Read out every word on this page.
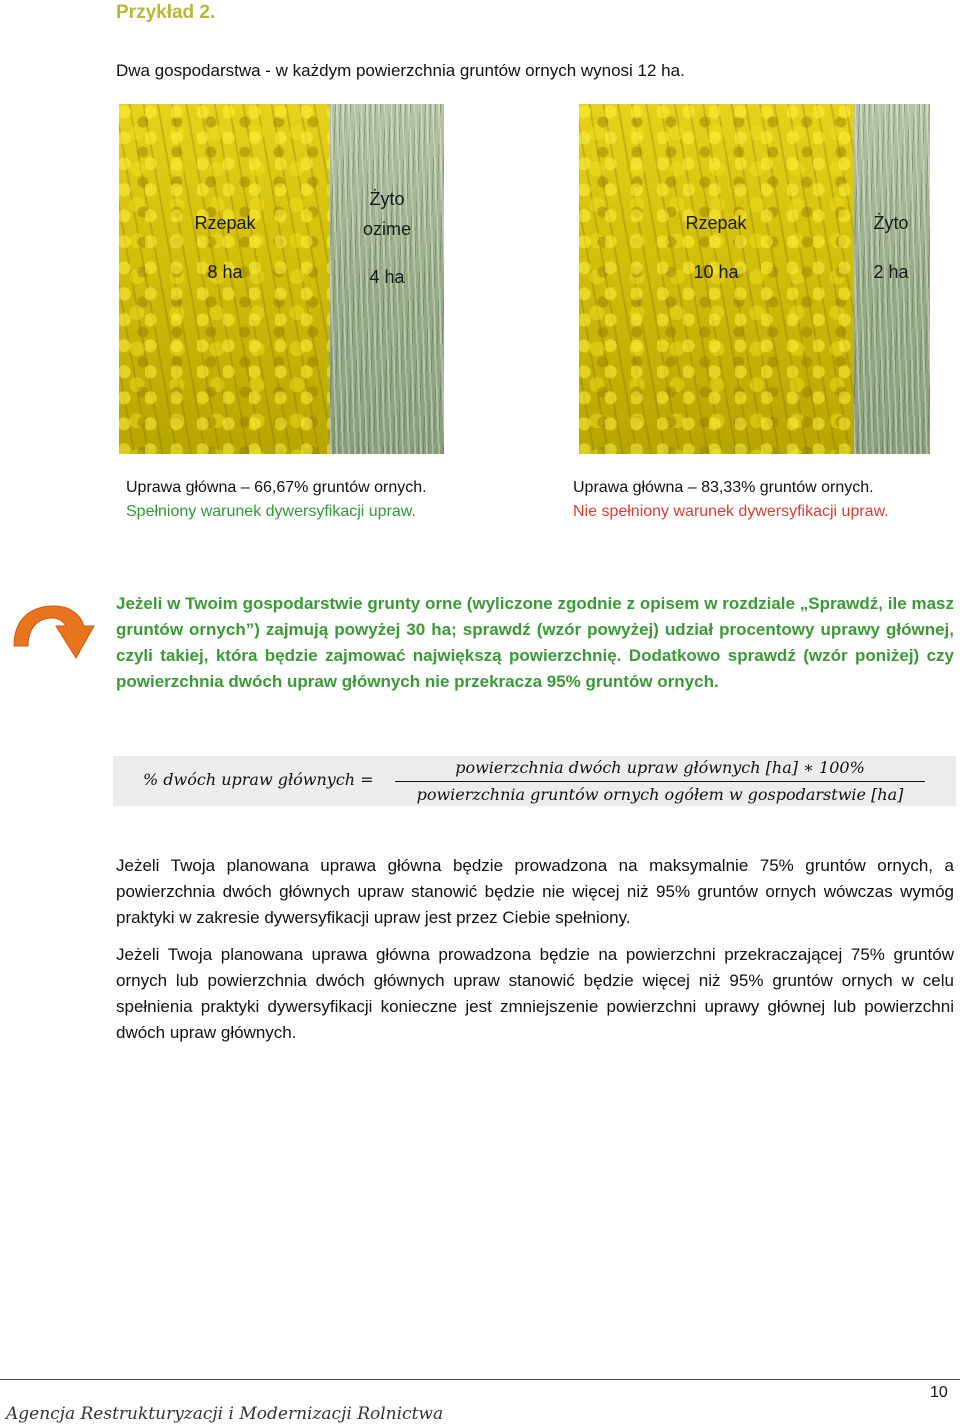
Przykład 2.
Dwa gospodarstwa - w każdym powierzchnia gruntów ornych wynosi 12 ha.
Rzepak
8 ha
Żyto
ozime
4 ha
Uprawa główna – 66,67% gruntów ornych.
Spełniony warunek dywersyfikacji upraw.
Rzepak
10 ha
Żyto
2 ha
Uprawa główna – 83,33% gruntów ornych.
Nie spełniony warunek dywersyfikacji upraw.
Jeżeli w Twoim gospodarstwie grunty orne (wyliczone zgodnie z opisem w rozdziale „Sprawdź, ile masz gruntów ornych”) zajmują powyżej 30 ha; sprawdź (wzór powyżej) udział procentowy uprawy głównej, czyli takiej, która będzie zajmować największą powierzchnię. Dodatkowo sprawdź (wzór poniżej) czy powierzchnia dwóch upraw głównych nie przekracza 95% gruntów ornych.
% dwóch upraw głównych =
powierzchnia dwóch upraw głównych [ha] ∗ 100%
powierzchnia gruntów ornych ogółem w gospodarstwie [ha]
Jeżeli Twoja planowana uprawa główna będzie prowadzona na maksymalnie 75% gruntów ornych, a powierzchnia dwóch głównych upraw stanowić będzie nie więcej niż 95% gruntów ornych wówczas wymóg praktyki w zakresie dywersyfikacji upraw jest przez Ciebie spełniony.
Jeżeli Twoja planowana uprawa główna prowadzona będzie na powierzchni przekraczającej 75% gruntów ornych lub powierzchnia dwóch głównych upraw stanowić będzie więcej niż 95% gruntów ornych w celu spełnienia praktyki dywersyfikacji konieczne jest zmniejszenie powierzchni uprawy głównej lub powierzchni dwóch upraw głównych.
10
Agencja Restrukturyzacji i Modernizacji Rolnictwa
